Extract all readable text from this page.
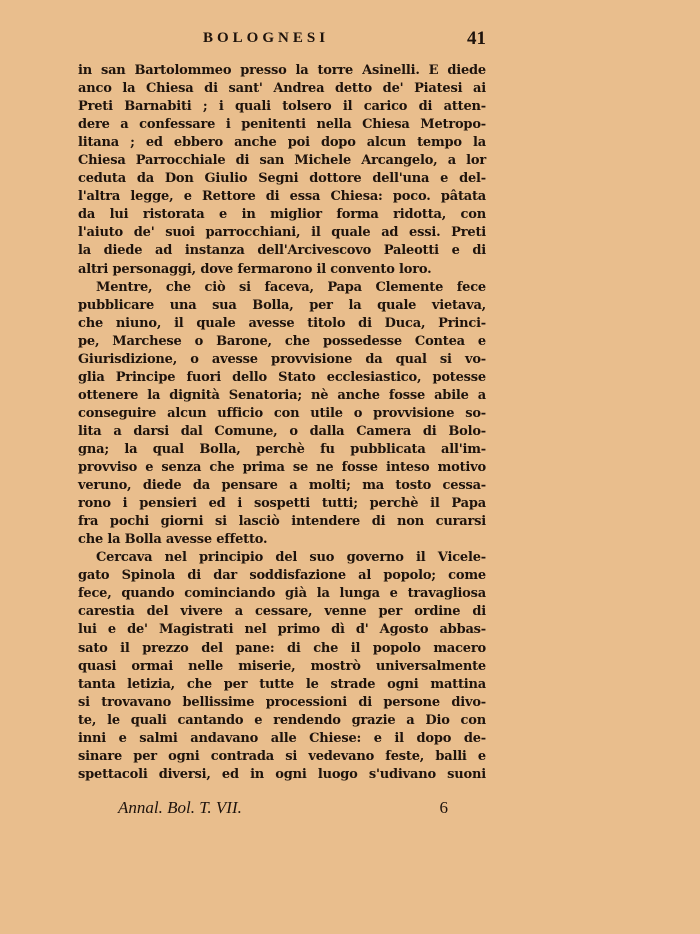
BOLOGNESI	41
in san Bartolommeo presso la torre Asinelli. E diede
anco la Chiesa di sant' Andrea detto de' Piatesi ai
Preti Barnabiti ; i quali tolsero il carico di atten-
dere a confessare i penitenti nella Chiesa Metropo-
litana ; ed ebbero anche poi dopo alcun tempo la
Chiesa Parrocchiale di san Michele Arcangelo, a lor
ceduta da Don Giulio Segni dottore dell'una e del-
l'altra legge, e Rettore di essa Chiesa: poco. pâtata
da lui ristorata e in miglior forma ridotta, con
l'aiuto de' suoi parrocchiani, il quale ad essi. Preti
la diede ad instanza dell'Arcivescovo Paleotti e di
altri personaggi, dove fermarono il convento loro.
Mentre, che ciò si faceva, Papa Clemente fece
pubblicare una sua Bolla, per la quale vietava,
che niuno, il quale avesse titolo di Duca, Princi-
pe, Marchese o Barone, che possedesse Contea e
Giurisdizione, o avesse provvisione da qual si vo-
glia Principe fuori dello Stato ecclesiastico, potesse
ottenere la dignità Senatoria; nè anche fosse abile a
conseguire alcun ufficio con utile o provvisione so-
lita a darsi dal Comune, o dalla Camera di Bolo-
gna; la qual Bolla, perchè fu pubblicata all'im-
provviso e senza che prima se ne fosse inteso motivo
veruno, diede da pensare a molti; ma tosto cessa-
rono i pensieri ed i sospetti tutti; perchè il Papa
fra pochi giorni si lasciò intendere di non curarsi
che la Bolla avesse effetto.
Cercava nel principio del suo governo il Vicele-
gato Spinola di dar soddisfazione al popolo; come
fece, quando cominciando già la lunga e travagliosa
carestia del vivere a cessare, venne per ordine di
lui e de' Magistrati nel primo dì d' Agosto abbas-
sato il prezzo del pane: di che il popolo macero
quasi ormai nelle miserie, mostrò universalmente
tanta letizia, che per tutte le strade ogni mattina
si trovavano bellissime processioni di persone divo-
te, le quali cantando e rendendo grazie a Dio con
inni e salmi andavano alle Chiese: e il dopo de-
sinare per ogni contrada si vedevano feste, balli e
spettacoli diversi, ed in ogni luogo s'udivano suoni
Annal. Bol. T. VII.	6
